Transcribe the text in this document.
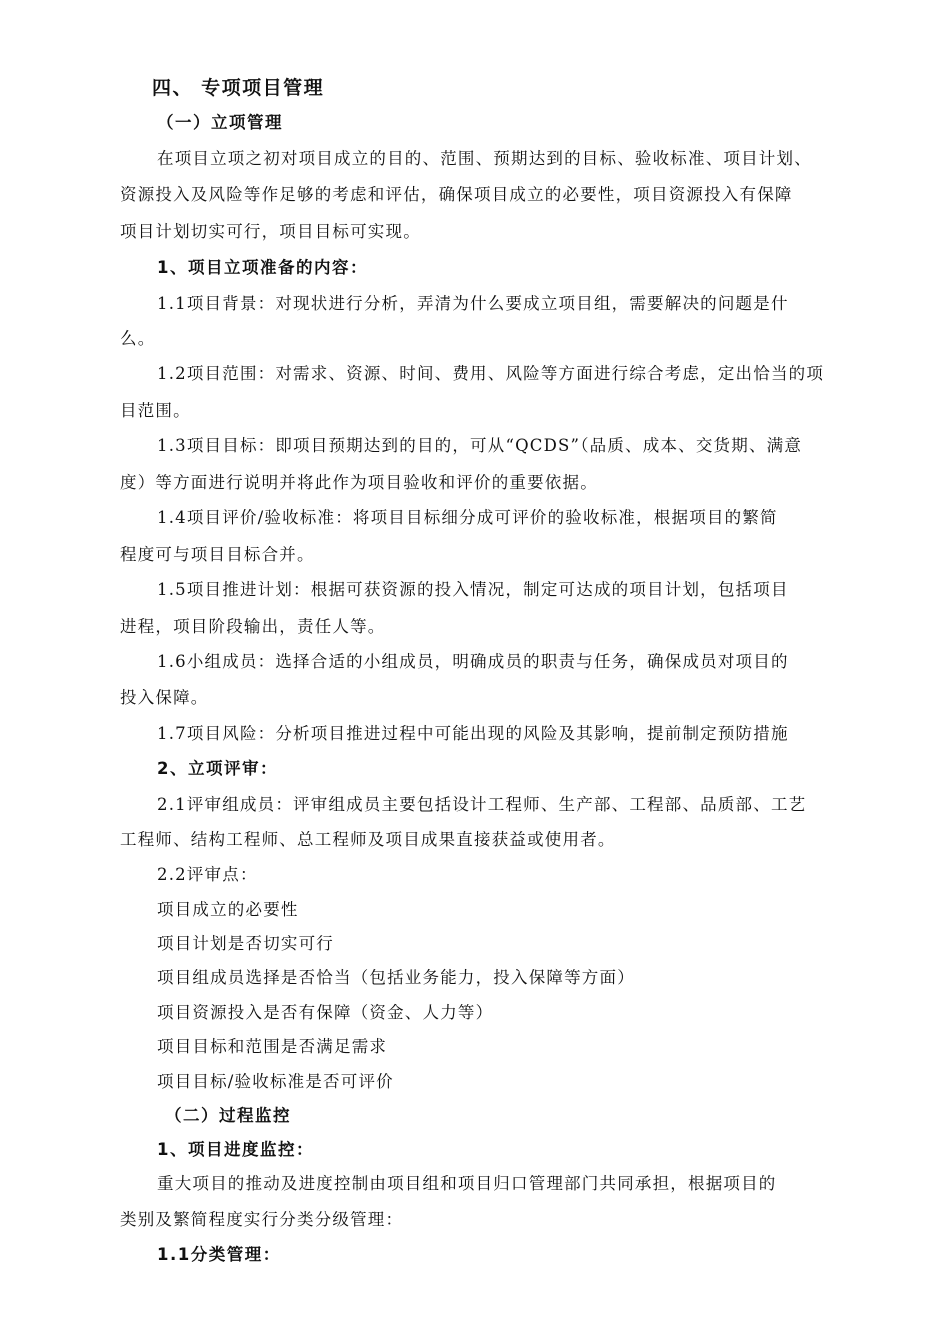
四、 专项项目管理
（一）立项管理
在项目立项之初对项目成立的目的、范围、预期达到的目标、验收标准、项目计划、
资源投入及风险等作足够的考虑和评估，确保项目成立的必要性，项目资源投入有保障
项目计划切实可行，项目目标可实现。
1、项目立项准备的内容：
1.1项目背景：对现状进行分析，弄清为什么要成立项目组，需要解决的问题是什
么。
1.2项目范围：对需求、资源、时间、费用、风险等方面进行综合考虑，定出恰当的项
目范围。
1.3项目目标：即项目预期达到的目的，可从“QCDS”（品质、成本、交货期、满意
度）等方面进行说明并将此作为项目验收和评价的重要依据。
1.4项目评价/验收标准：将项目目标细分成可评价的验收标准，根据项目的繁简
程度可与项目目标合并。
1.5项目推进计划：根据可获资源的投入情况，制定可达成的项目计划，包括项目
进程，项目阶段输出，责任人等。
1.6小组成员：选择合适的小组成员，明确成员的职责与任务，确保成员对项目的
投入保障。
1.7项目风险：分析项目推进过程中可能出现的风险及其影响，提前制定预防措施
2、立项评审：
2.1评审组成员：评审组成员主要包括设计工程师、生产部、工程部、品质部、工艺
工程师、结构工程师、总工程师及项目成果直接获益或使用者。
2.2评审点：
项目成立的必要性
项目计划是否切实可行
项目组成员选择是否恰当（包括业务能力，投入保障等方面）
项目资源投入是否有保障（资金、人力等）
项目目标和范围是否满足需求
项目目标/验收标准是否可评价
（二）过程监控
1、项目进度监控：
重大项目的推动及进度控制由项目组和项目归口管理部门共同承担，根据项目的
类别及繁简程度实行分类分级管理：
1.1分类管理：
